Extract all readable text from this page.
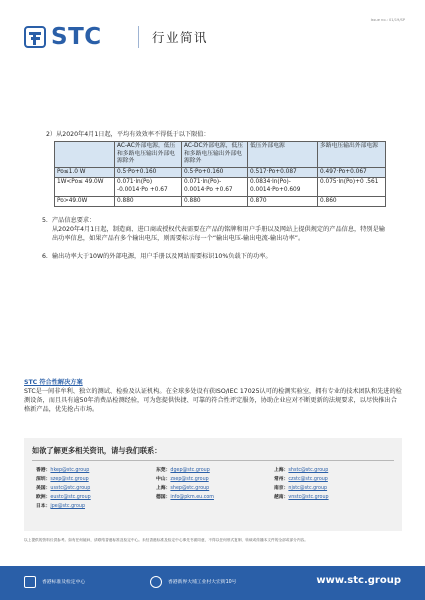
Issue no.: 01/19/SP
STC	行业简讯
2）从2020年4月1日起，平均有效效率不得低于以下限值：
	AC-AC外部电源，低压和多路电压输出外部电源除外	AC-DC外部电源，低压和多路电压输出外部电源除外	低压外部电源	多路电压输出外部电源
Po≤1.0 W	0.5·Po+0.160	0.5·Po+0.160	0.517·Po+0.087	0.497·Po+0.067
1W<Po≤ 49.0W	0.071·ln(Po) -0.0014·Po +0.67	0.071·ln(Po)- 0.0014·Po +0.67	0.0834·ln(Po)- 0.0014·Po+0.609	0.075·ln(Po)+0 .561
Po>49.0W	0.880	0.880	0.870	0.860
5. 产品信息要求：
从2020年4月1日起，制造商、进口商或授权代表需要在产品的铭牌和用户手册以及网站上提供规定的产品信息，特别是输出功率信息，如果产品有多个输出电压，则需要标示每一个“输出电压-输出电流-输出功率”。
6. 输出功率大于10W的外部电源，用户手册以及网站需要标识10%负载下的功率。
STC 符合性解决方案
STC是一间非牟利、独立的测试、检验及认证机构。在全球多处设有获ISO/IEC 17025认可的检测实验室，拥有专业的技术团队和先进的检测设备，而且具有逾50年消费品检测经验，可为您提供快捷、可靠的符合性评定服务，协助企业应对不断更新的法规要求，以尽快推出合格新产品，优先抢占市场。
如欲了解更多相关资讯，请与我们联系：
香港：hkep@stc.group
深圳：szep@stc.group
美国：usstc@stc.group
欧洲：eustc@stc.group
日本：jpe@stc.group
东莞：dgep@stc.group
中山：zsep@stc.group
上海：shep@stc.group
德国：info@pkm.eu.com
上海：shstc@stc.group
常州：czstc@stc.group
南京：njstc@stc.group
越南：vnstc@stc.group
以上提供的资料仅供参考。如有任何疑问，请联络香港标准及检定中心。未经香港标准及检定中心事先书面同意，不得以任何形式复制、转载或传播本文件的全部或部分内容。
香港标准及检定中心	香港新界大埔工业村大宏街10号	www.stc.group
